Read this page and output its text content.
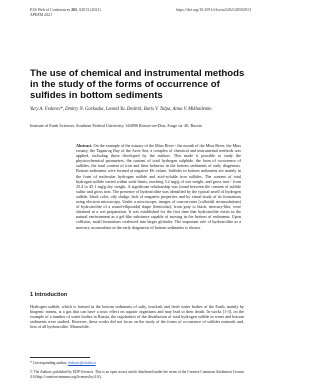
E3S Web of Conferences 265, 02013 (2021)
APEEM 2021
https://doi.org/10.1051/e3sconf/202126502013
The use of chemical and instrumental methods in the study of the forms of occurrence of sulfides in bottom sediments
Yury A. Fedorov*, Dmitry N. Garkusha, Leonid Yu. Dmitrik, Boris V. Talpa, Anna V. Mikhailenko
Institute of Earth Sciences, Southern Federal University, 344090 Rostov-on-Don, Zorge str. 40, Russia
Abstract. On the example of the estuary of the Mius River - the mouth of the Mius River, the Mius estuary, the Taganrog Bay of the Azov Sea, a complex of chemical and instrumental methods was applied, including those developed by the authors. This made it possible to study the physicochemical parameters, the content of total hydrogen sulphide, the form of occurrence of sulfides, the total content of iron and their behavior in the bottom sediments of early diagenesis. Bottom sediments were formed at negative Eh values. Sulfides in bottom sediments are mainly in the form of molecular hydrogen sulfide and acid-soluble iron sulfides. The content of total hydrogen sulfide varied within wide limits, reaching 3.2 mg/g of wet weight, and gross iron - from 25.4 to 45.1 mg/g dry weight. A significant relationship was found between the content of sulfide sulfur and gross iron. The presence of hydrotroilite was identified by the typical smell of hydrogen sulfide, black color, oily sludge, lack of magnetic properties and by visual study of its formations using electron microscopy. Under a microscope, images of coarcervates (colloidal accumulations) of hydrotroilite of a round-ellipsoidal shape (lenticular), from gray to black, mercury-like, were obtained at a wet preparation. It was established for the first time that hydrotroilite exists in the natural environment as a gel-like substance capable of moving in the bottom of sediments. Upon collision, small formations coalesced into larger globules. The important role of hydrotroilite as a mercury accumulator in the early diagenesis of bottom sediments is shown.
1 Introduction
Hydrogen sulfide, which is formed in the bottom sediments of salty, brackish and fresh water bodies of the Earth, mainly by biogenic means, is a gas that can have a toxic effect on aquatic organisms and may lead to their death. In works [1-3], on the example of a number of water bodies in Russia, the regularities of the distribution of total hydrogen sulfide in water and bottom sediments were studied. However, these works did not focus on the study of the forms of occurrence of sulfides minerals and, first of all hydrotroilite. Meanwhile,
* Corresponding author: fedorov@sfedu.ru
© The Authors, published by EDP Sciences. This is an open access article distributed under the terms of the Creative Commons Attribution License 4.0 (http://creativecommons.org/licenses/by/4.0/).
